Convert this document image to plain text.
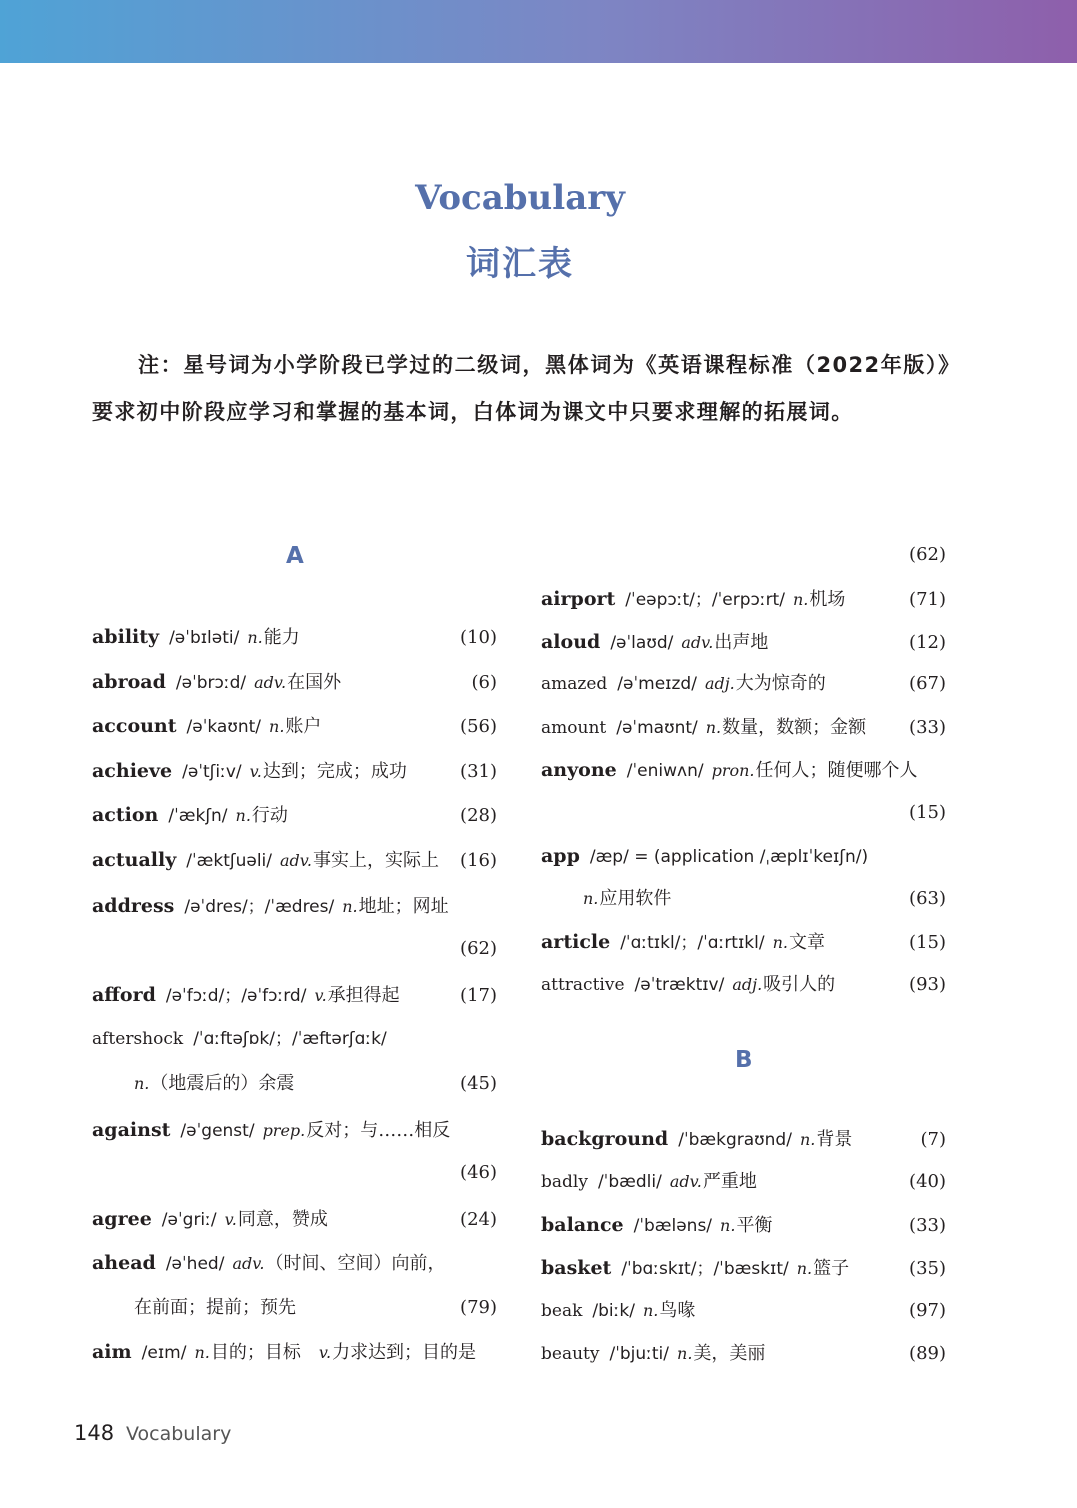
Vocabulary
词汇表
注：星号词为小学阶段已学过的二级词，黑体词为《英语课程标准（2022年版）》要求初中阶段应学习和掌握的基本词，白体词为课文中只要求理解的拓展词。
A
B
ability /əˈbɪləti/ n. 能力	(10)
abroad /əˈbrɔːd/ adv. 在国外	(6)
account /əˈkaʊnt/ n. 账户	(56)
achieve /əˈtʃiːv/ v. 达到；完成；成功	(31)
action /ˈækʃn/ n. 行动	(28)
actually /ˈæktʃuəli/ adv. 事实上，实际上 (16)
address /əˈdres/；/ˈædres/ n. 地址；网址
(62)
afford /əˈfɔːd/；/əˈfɔːrd/ v. 承担得起	(17)
aftershock /ˈɑːftəʃɒk/；/ˈæftərʃɑːk/
n. （地震后的）余震	(45)
against /əˈgenst/ prep. 反对；与……相反
(46)
agree /əˈgriː/ v. 同意，赞成	(24)
ahead /əˈhed/ adv. （时间、空间）向前，
在前面；提前；预先	(79)
aim /eɪm/ n. 目的；目标 v. 力求达到；目的是
(62)
airport /ˈeəpɔːt/；/ˈerpɔːrt/ n. 机场	(71)
aloud /əˈlaʊd/ adv. 出声地	(12)
amazed /əˈmeɪzd/ adj. 大为惊奇的	(67)
amount /əˈmaʊnt/ n. 数量，数额；金额 (33)
anyone /ˈeniwʌn/ pron. 任何人；随便哪个人
(15)
app /æp/ = (application /ˌæplɪˈkeɪʃn/)
n. 应用软件	(63)
article /ˈɑːtɪkl/；/ˈɑːrtɪkl/ n. 文章	(15)
attractive /əˈtræktɪv/ adj. 吸引人的	(93)
background /ˈbækgraʊnd/ n. 背景	(7)
badly /ˈbædli/ adv. 严重地	(40)
balance /ˈbæləns/ n. 平衡	(33)
basket /ˈbɑːskɪt/；/ˈbæskɪt/ n. 篮子	(35)
beak /biːk/ n. 鸟喙	(97)
beauty /ˈbjuːti/ n. 美，美丽	(89)
148 Vocabulary
